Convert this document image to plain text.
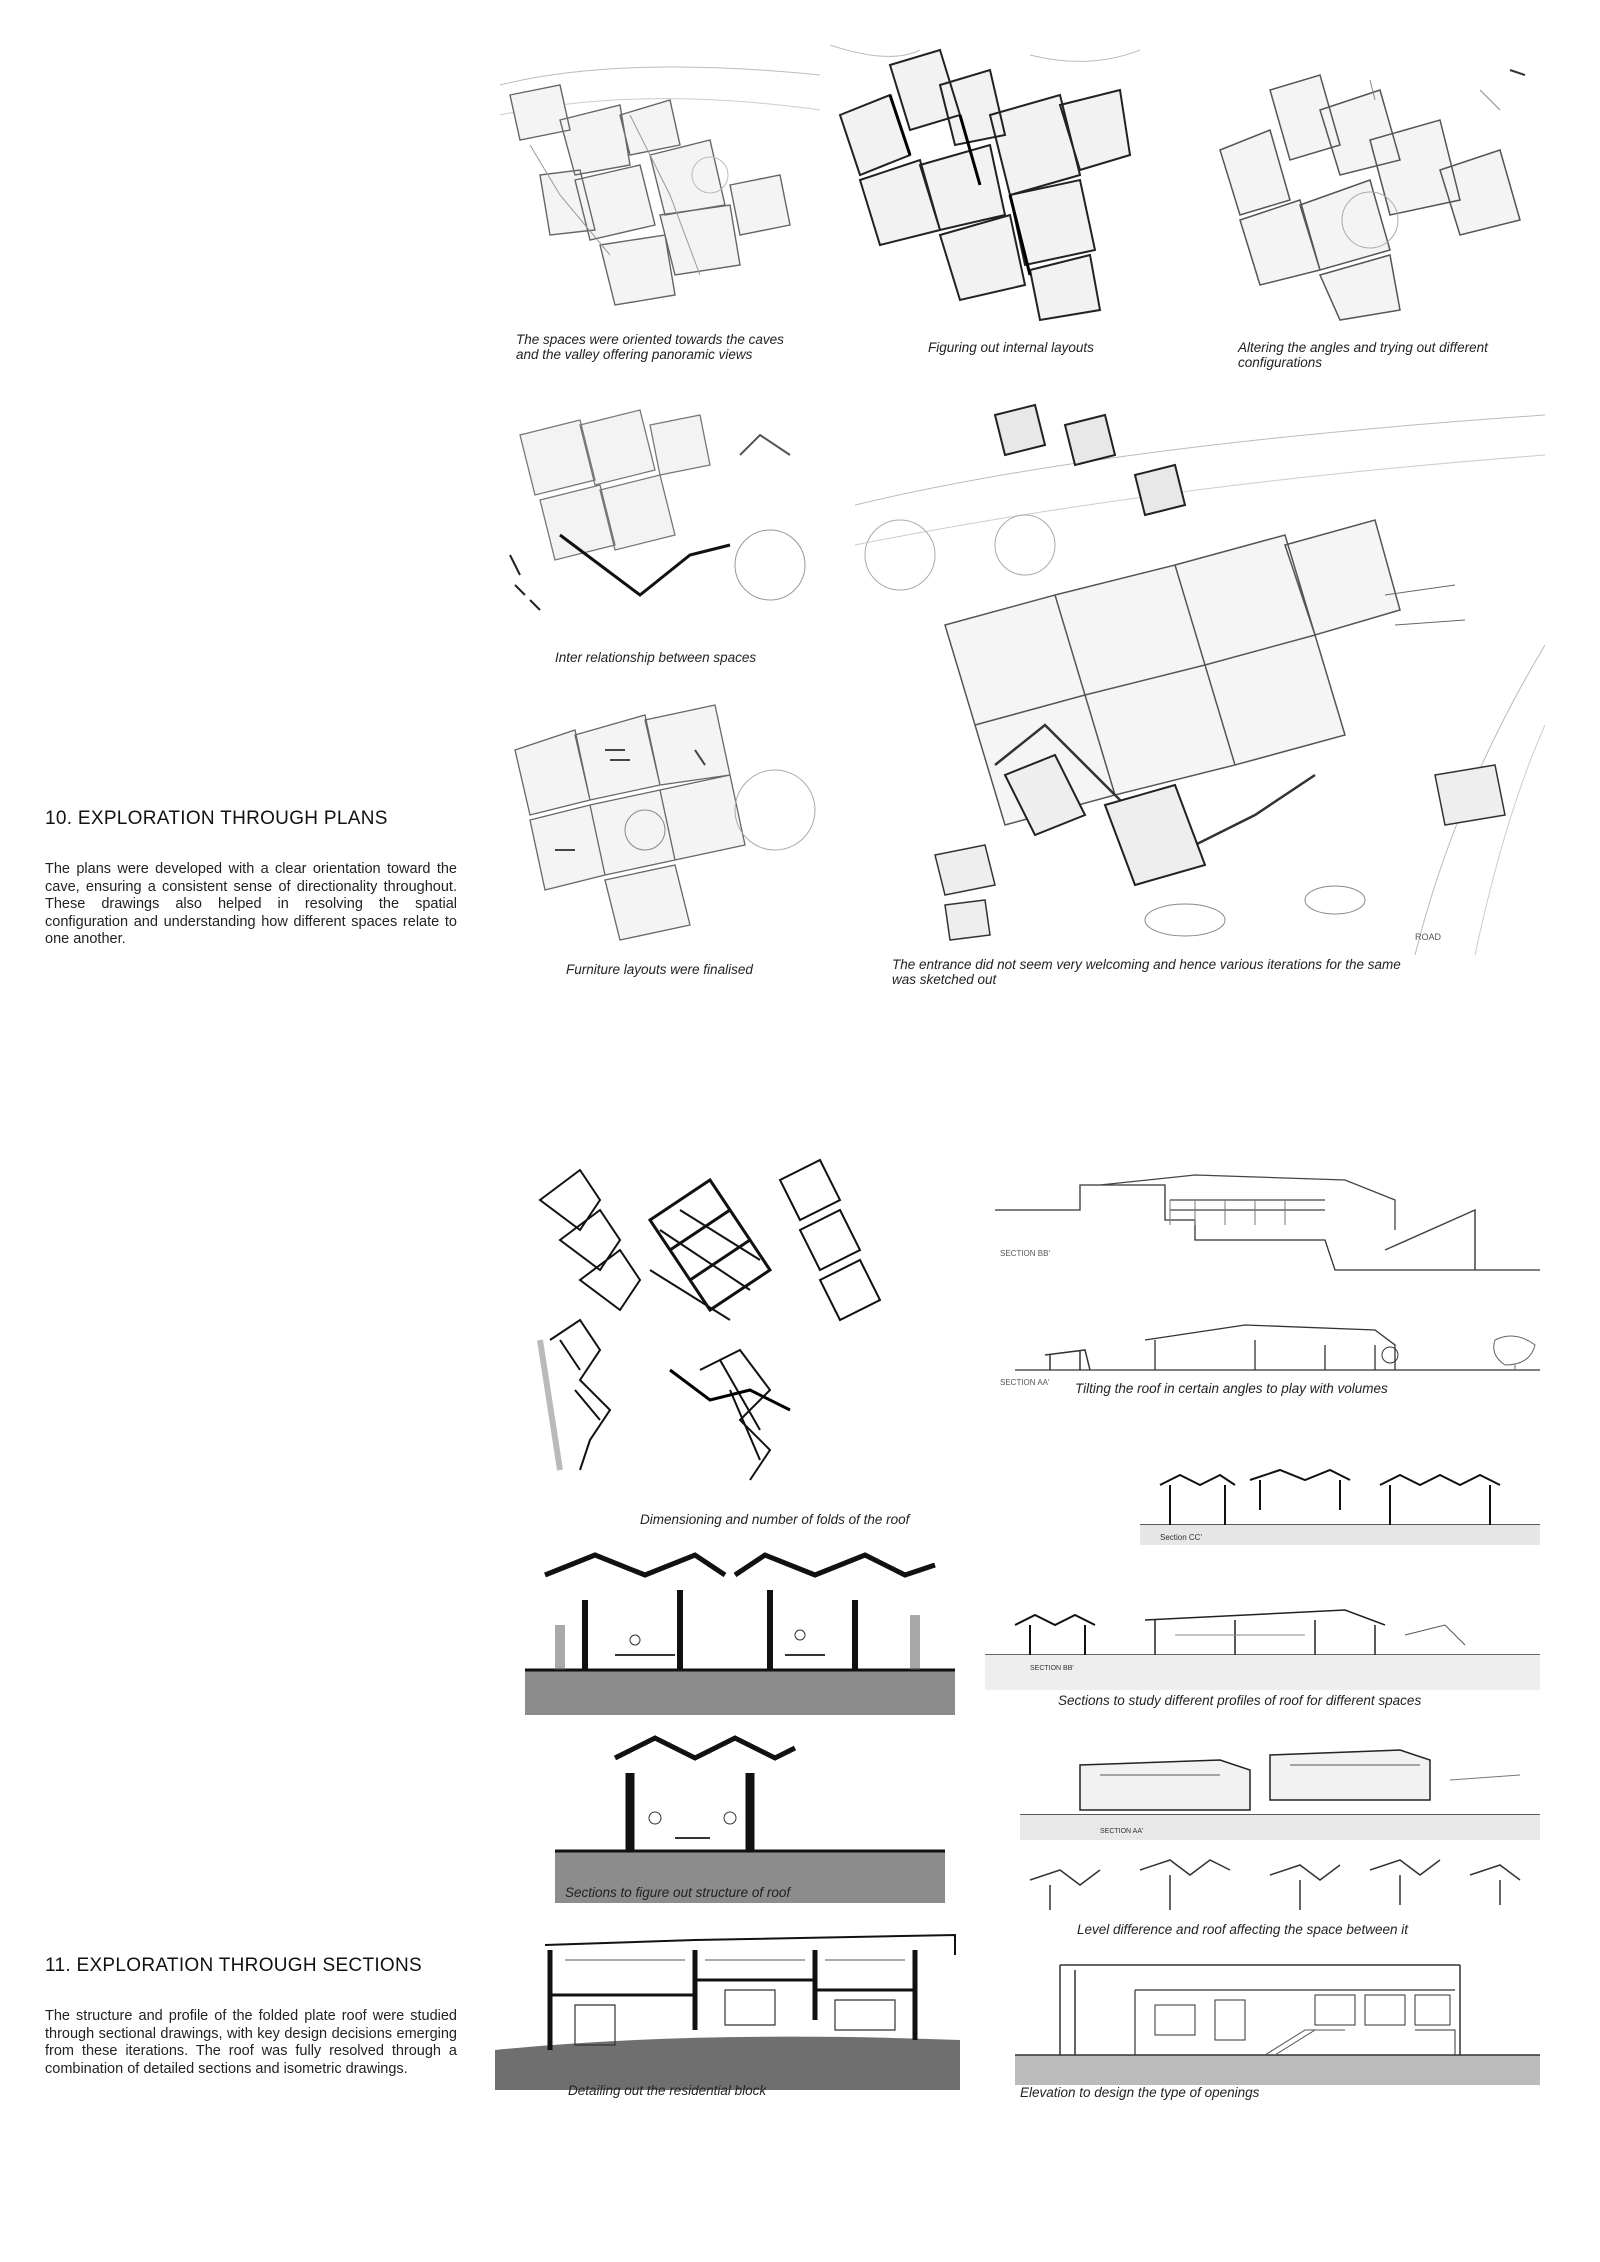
The spaces were oriented towards the caves and the valley offering panoramic views	Figuring out internal layouts	Altering the angles and trying out different configurations
Inter relationship between spaces
ROAD
Furniture layouts were finalised	The entrance did not seem very welcoming and hence various iterations for the same was sketched out
10. EXPLORATION THROUGH PLANS
The plans were developed with a clear orientation toward the cave, ensuring a consistent sense of directionality throughout. These drawings also helped in resolving the spatial configuration and understanding how different spaces relate to one another.
Dimensioning and number of folds of the roof
SECTION BB'
SECTION AA' Tilting the roof in certain angles to play with volumes
Section CC'
SECTION BB'
Sections to study different profiles of roof for different spaces
Sections to figure out structure of roof
SECTION AA'
Level difference and roof affecting the space between it
Detailing out the residential block	Elevation to design the type of openings
11. EXPLORATION THROUGH SECTIONS
The structure and profile of the folded plate roof were studied through sectional drawings, with key design decisions emerging from these iterations. The roof was fully resolved through a combination of detailed sections and isometric drawings.
